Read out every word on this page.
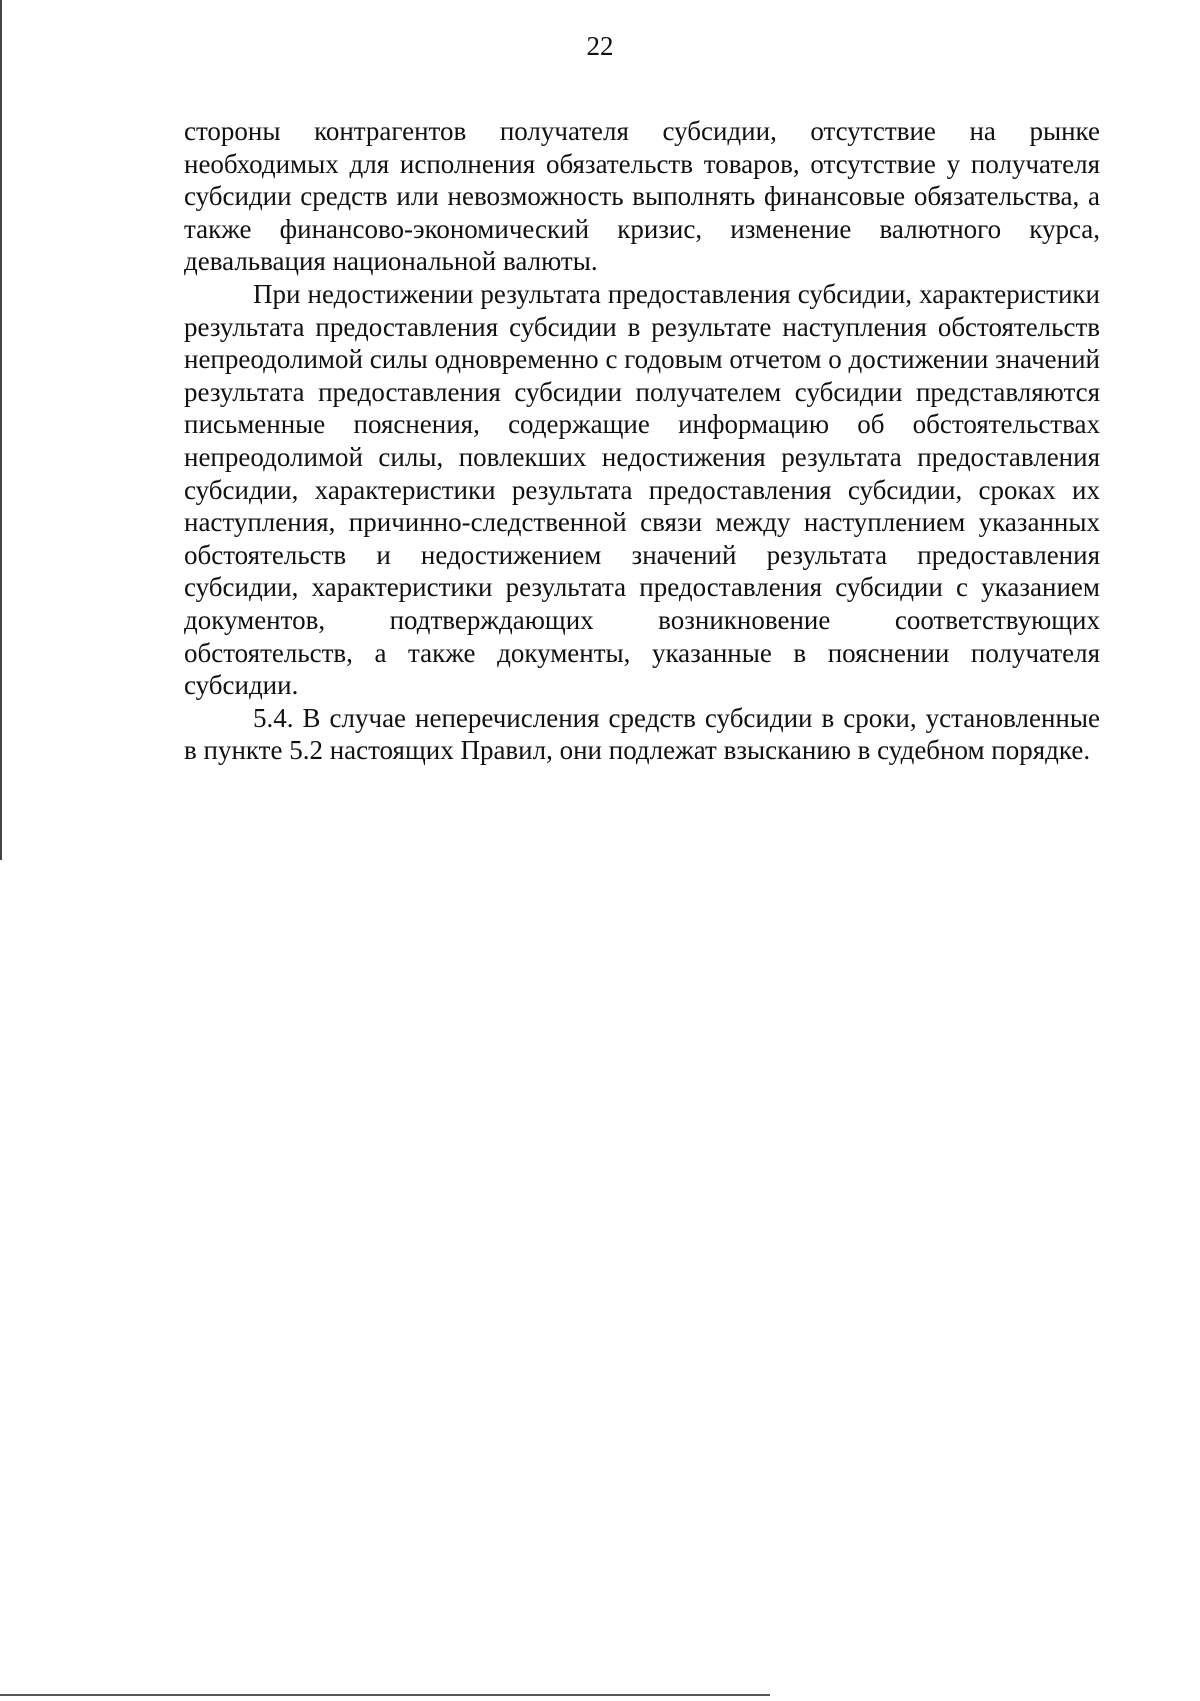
22

стороны контрагентов получателя субсидии, отсутствие на рынке необходимых для исполнения обязательств товаров, отсутствие у получателя субсидии средств или невозможность выполнять финансовые обязательства, а также финансово-экономический кризис, изменение валютного курса, девальвация национальной валюты.

При недостижении результата предоставления субсидии, характеристики результата предоставления субсидии в результате наступления обстоятельств непреодолимой силы одновременно с годовым отчетом о достижении значений результата предоставления субсидии получателем субсидии представляются письменные пояснения, содержащие информацию об обстоятельствах непреодолимой силы, повлекших недостижения результата предоставления субсидии, характеристики результата предоставления субсидии, сроках их наступления, причинно-следственной связи между наступлением указанных обстоятельств и недостижением значений результата предоставления субсидии, характеристики результата предоставления субсидии с указанием документов, подтверждающих возникновение соответствующих обстоятельств, а также документы, указанные в пояснении получателя субсидии.

5.4. В случае неперечисления средств субсидии в сроки, установленные в пункте 5.2 настоящих Правил, они подлежат взысканию в судебном порядке.
